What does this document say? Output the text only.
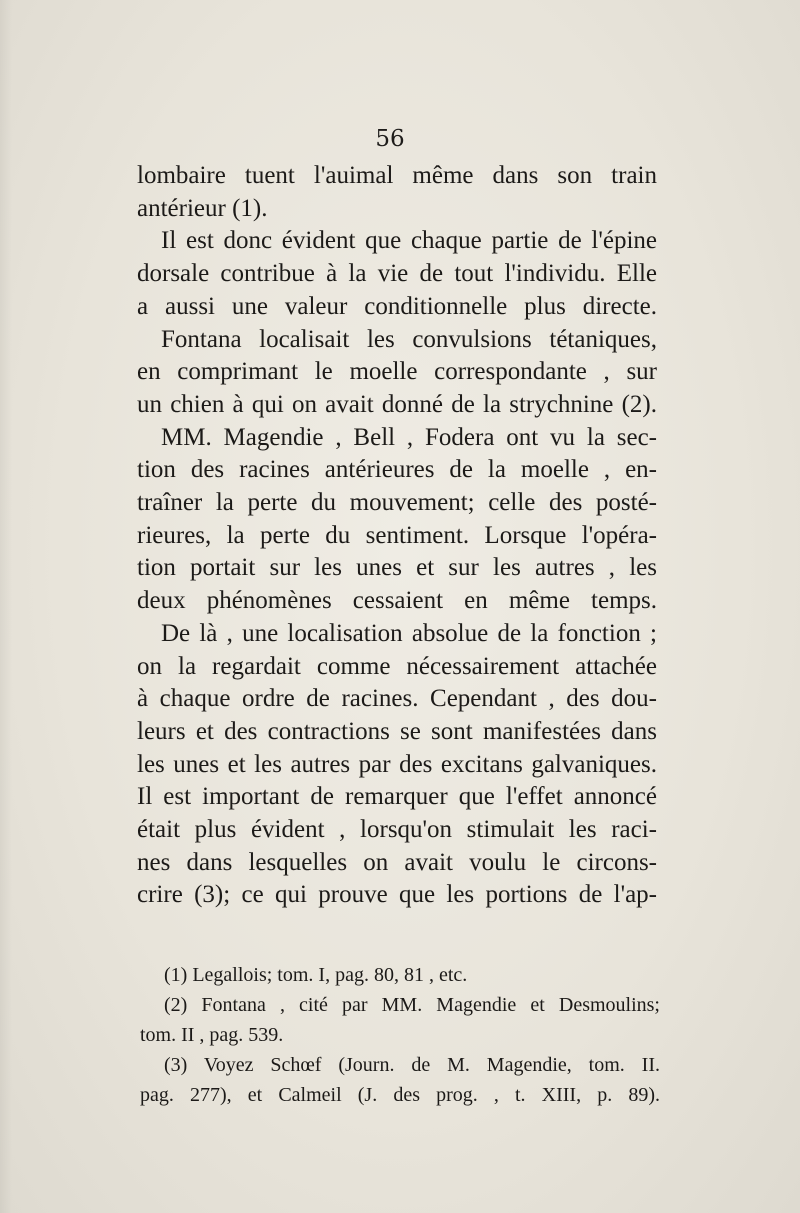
56
lombaire tuent l'auimal même dans son train
antérieur (1).
Il est donc évident que chaque partie de l'épine
dorsale contribue à la vie de tout l'individu. Elle
a aussi une valeur conditionnelle plus directe.
Fontana localisait les convulsions tétaniques,
en comprimant le moelle correspondante , sur
un chien à qui on avait donné de la strychnine (2).
MM. Magendie , Bell , Fodera ont vu la sec-
tion des racines antérieures de la moelle , en-
traîner la perte du mouvement; celle des posté-
rieures, la perte du sentiment. Lorsque l'opéra-
tion portait sur les unes et sur les autres , les
deux phénomènes cessaient en même temps.
De là , une localisation absolue de la fonction ;
on la regardait comme nécessairement attachée
à chaque ordre de racines. Cependant , des dou-
leurs et des contractions se sont manifestées dans
les unes et les autres par des excitans galvaniques.
Il est important de remarquer que l'effet annoncé
était plus évident , lorsqu'on stimulait les raci-
nes dans lesquelles on avait voulu le circons-
crire (3); ce qui prouve que les portions de l'ap-
(1) Legallois; tom. I, pag. 80, 81 , etc.
(2) Fontana , cité par MM. Magendie et Desmoulins;
tom. II , pag. 539.
(3) Voyez Schœf (Journ. de M. Magendie, tom. II.
pag. 277), et Calmeil (J. des prog. , t. XIII, p. 89).
